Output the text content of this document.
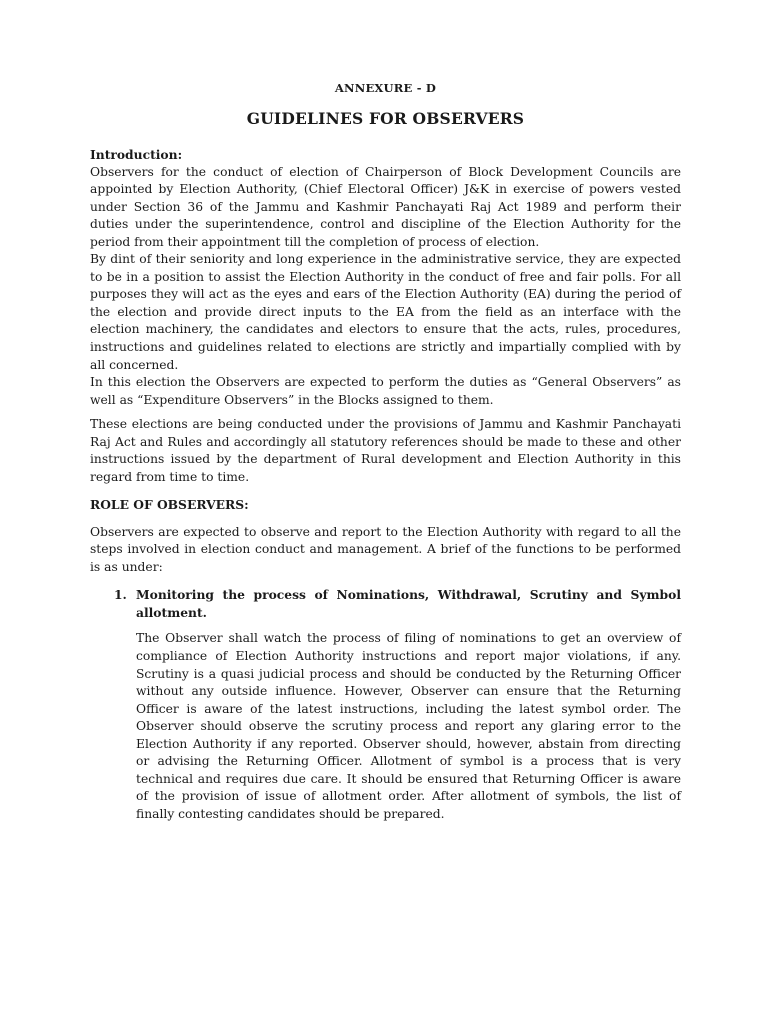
ANNEXURE - D
GUIDELINES FOR OBSERVERS
Introduction:

Observers for the conduct of election of Chairperson of Block Development Councils are appointed by Election Authority, (Chief Electoral Officer) J&K in exercise of powers vested under Section 36 of the Jammu and Kashmir Panchayati Raj Act 1989 and perform their duties under the superintendence, control and discipline of the Election Authority for the period from their appointment till the completion of process of election.

By dint of their seniority and long experience in the administrative service, they are expected to be in a position to assist the Election Authority in the conduct of free and fair polls. For all purposes they will act as the eyes and ears of the Election Authority (EA) during the period of the election and provide direct inputs to the EA from the field as an interface with the election machinery, the candidates and electors to ensure that the acts, rules, procedures, instructions and guidelines related to elections are strictly and impartially complied with by all concerned.

In this election the Observers are expected to perform the duties as “General Observers” as well as “Expenditure Observers” in the Blocks assigned to them.

These elections are being conducted under the provisions of Jammu and Kashmir Panchayati Raj Act and Rules and accordingly all statutory references should be made to these and other instructions issued by the department of Rural development and Election Authority in this regard from time to time.

ROLE OF OBSERVERS:

Observers are expected to observe and report to the Election Authority with regard to all the steps involved in election conduct and management. A brief of the functions to be performed is as under:

1. Monitoring the process of Nominations, Withdrawal, Scrutiny and Symbol allotment.

The Observer shall watch the process of filing of nominations to get an overview of compliance of Election Authority instructions and report major violations, if any. Scrutiny is a quasi judicial process and should be conducted by the Returning Officer without any outside influence. However, Observer can ensure that the Returning Officer is aware of the latest instructions, including the latest symbol order. The Observer should observe the scrutiny process and report any glaring error to the Election Authority if any reported. Observer should, however, abstain from directing or advising the Returning Officer. Allotment of symbol is a process that is very technical and requires due care. It should be ensured that Returning Officer is aware of the provision of issue of allotment order. After allotment of symbols, the list of finally contesting candidates should be prepared.
